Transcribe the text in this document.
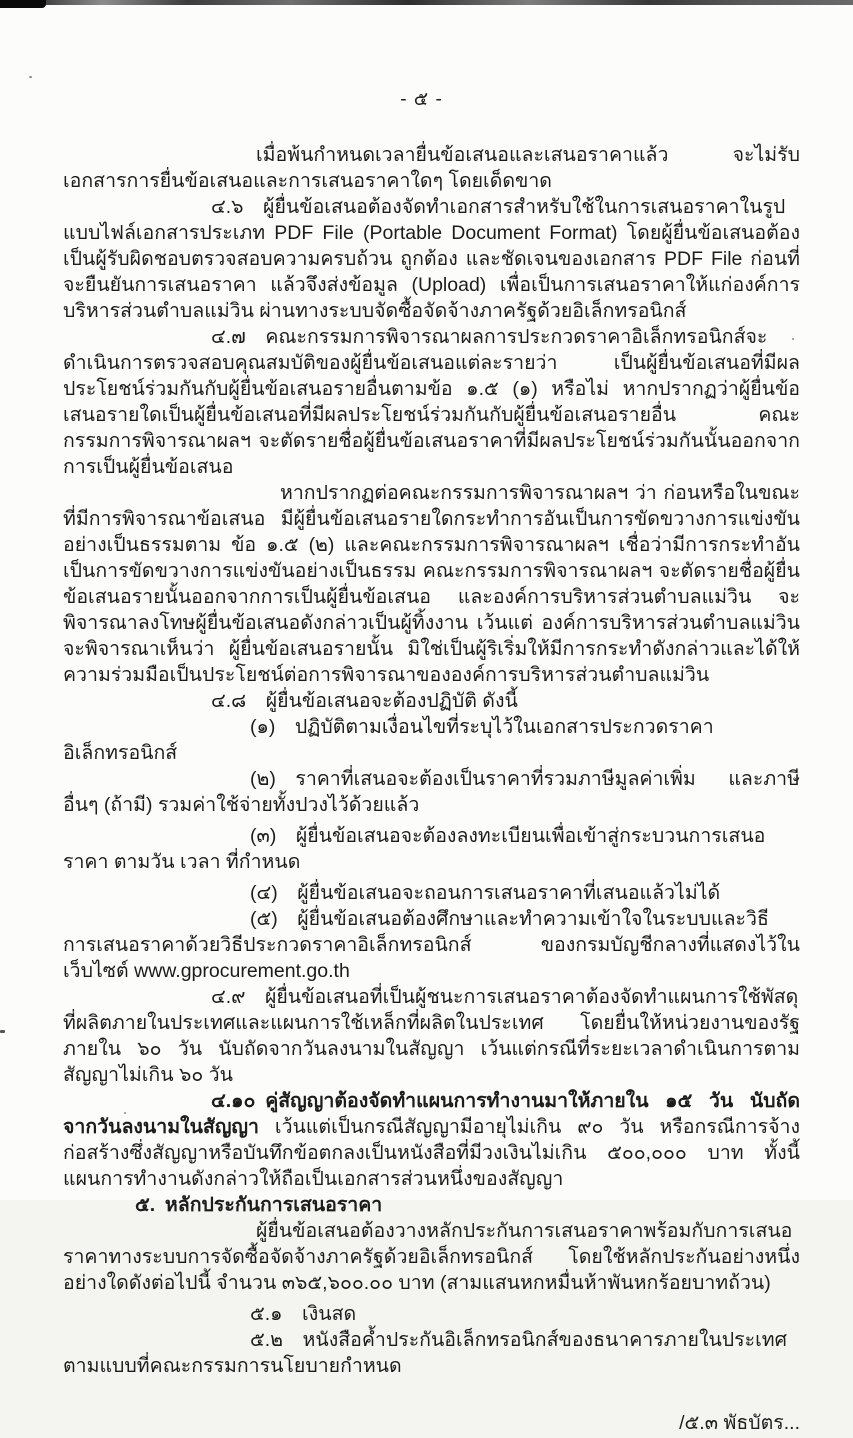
- ๕ -

เมื่อพ้นกำหนดเวลายื่นข้อเสนอและเสนอราคาแล้ว จะไม่รับเอกสารการยื่นข้อเสนอและการเสนอราคาใดๆ โดยเด็ดขาด

๔.๖ ผู้ยื่นข้อเสนอต้องจัดทำเอกสารสำหรับใช้ในการเสนอราคาในรูปแบบไฟล์เอกสารประเภท PDF File (Portable Document Format) โดยผู้ยื่นข้อเสนอต้องเป็นผู้รับผิดชอบตรวจสอบความครบถ้วน ถูกต้อง และชัดเจนของเอกสาร PDF File ก่อนที่จะยืนยันการเสนอราคา แล้วจึงส่งข้อมูล (Upload) เพื่อเป็นการเสนอราคาให้แก่องค์การบริหารส่วนตำบลแม่วิน ผ่านทางระบบจัดซื้อจัดจ้างภาครัฐด้วยอิเล็กทรอนิกส์

๔.๗ คณะกรรมการพิจารณาผลการประกวดราคาอิเล็กทรอนิกส์จะดำเนินการตรวจสอบคุณสมบัติของผู้ยื่นข้อเสนอแต่ละรายว่า เป็นผู้ยื่นข้อเสนอที่มีผลประโยชน์ร่วมกันกับผู้ยื่นข้อเสนอรายอื่นตามข้อ ๑.๕ (๑) หรือไม่ หากปรากฏว่าผู้ยื่นข้อเสนอรายใดเป็นผู้ยื่นข้อเสนอที่มีผลประโยชน์ร่วมกันกับผู้ยื่นข้อเสนอรายอื่น คณะกรรมการพิจารณาผลฯ จะตัดรายชื่อผู้ยื่นข้อเสนอราคาที่มีผลประโยชน์ร่วมกันนั้นออกจากการเป็นผู้ยื่นข้อเสนอ

หากปรากฏต่อคณะกรรมการพิจารณาผลฯ ว่า ก่อนหรือในขณะ ที่มีการพิจารณาข้อเสนอ มีผู้ยื่นข้อเสนอรายใดกระทำการอันเป็นการขัดขวางการแข่งขันอย่างเป็นธรรมตาม ข้อ ๑.๕ (๒) และคณะกรรมการพิจารณาผลฯ เชื่อว่ามีการกระทำอันเป็นการขัดขวางการแข่งขันอย่างเป็นธรรม คณะกรรมการพิจารณาผลฯ จะตัดรายชื่อผู้ยื่นข้อเสนอรายนั้นออกจากการเป็นผู้ยื่นข้อเสนอ และองค์การบริหารส่วนตำบลแม่วิน จะพิจารณาลงโทษผู้ยื่นข้อเสนอดังกล่าวเป็นผู้ทิ้งงาน เว้นแต่ องค์การบริหารส่วนตำบลแม่วิน จะพิจารณาเห็นว่า ผู้ยื่นข้อเสนอรายนั้น มิใช่เป็นผู้ริเริ่มให้มีการกระทำดังกล่าวและได้ให้ความร่วมมือเป็นประโยชน์ต่อการพิจารณาขององค์การบริหารส่วนตำบลแม่วิน

๔.๘ ผู้ยื่นข้อเสนอจะต้องปฏิบัติ ดังนี้

(๑) ปฏิบัติตามเงื่อนไขที่ระบุไว้ในเอกสารประกวดราคาอิเล็กทรอนิกส์

(๒) ราคาที่เสนอจะต้องเป็นราคาที่รวมภาษีมูลค่าเพิ่ม และภาษีอื่นๆ (ถ้ามี) รวมค่าใช้จ่ายทั้งปวงไว้ด้วยแล้ว

(๓) ผู้ยื่นข้อเสนอจะต้องลงทะเบียนเพื่อเข้าสู่กระบวนการเสนอราคา ตามวัน เวลา ที่กำหนด

(๔) ผู้ยื่นข้อเสนอจะถอนการเสนอราคาที่เสนอแล้วไม่ได้

(๕) ผู้ยื่นข้อเสนอต้องศึกษาและทำความเข้าใจในระบบและวิธีการเสนอราคาด้วยวิธีประกวดราคาอิเล็กทรอนิกส์ ของกรมบัญชีกลางที่แสดงไว้ในเว็บไซต์ www.gprocurement.go.th

๔.๙ ผู้ยื่นข้อเสนอที่เป็นผู้ชนะการเสนอราคาต้องจัดทำแผนการใช้พัสดุที่ผลิตภายในประเทศและแผนการใช้เหล็กที่ผลิตในประเทศ โดยยื่นให้หน่วยงานของรัฐภายใน ๖๐ วัน นับถัดจากวันลงนามในสัญญา เว้นแต่กรณีที่ระยะเวลาดำเนินการตามสัญญาไม่เกิน ๖๐ วัน

๔.๑๐ คู่สัญญาต้องจัดทำแผนการทำงานมาให้ภายใน ๑๕ วัน นับถัดจากวันลงนามในสัญญา เว้นแต่เป็นกรณีสัญญามีอายุไม่เกิน ๙๐ วัน หรือกรณีการจ้างก่อสร้างซึ่งสัญญาหรือบันทึกข้อตกลงเป็นหนังสือที่มีวงเงินไม่เกิน ๕๐๐,๐๐๐ บาท ทั้งนี้ แผนการทำงานดังกล่าวให้ถือเป็นเอกสารส่วนหนึ่งของสัญญา

๕. หลักประกันการเสนอราคา

ผู้ยื่นข้อเสนอต้องวางหลักประกันการเสนอราคาพร้อมกับการเสนอราคาทางระบบการจัดซื้อจัดจ้างภาครัฐด้วยอิเล็กทรอนิกส์ โดยใช้หลักประกันอย่างหนึ่งอย่างใดดังต่อไปนี้ จำนวน ๓๖๕,๖๐๐.๐๐ บาท (สามแสนหกหมื่นห้าพันหกร้อยบาทถ้วน)

๕.๑ เงินสด

๕.๒ หนังสือค้ำประกันอิเล็กทรอนิกส์ของธนาคารภายในประเทศตามแบบที่คณะกรรมการนโยบายกำหนด

/๕.๓ พัธบัตร...
